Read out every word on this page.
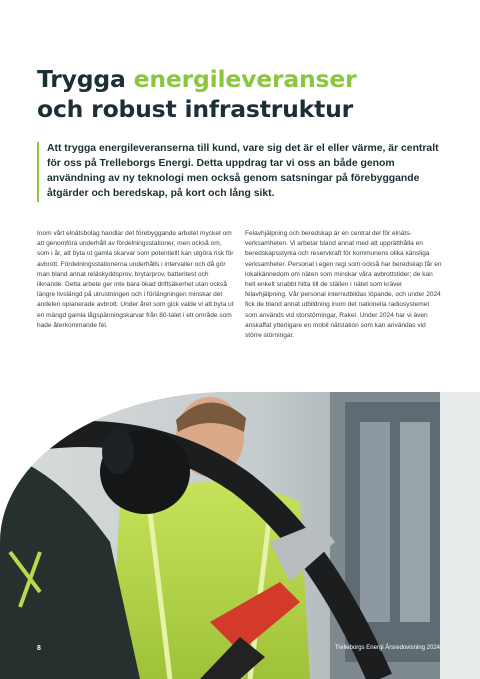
Trygga energileveranser
och robust infrastruktur

Att trygga energileveranserna till kund, vare sig det är el eller värme, är centralt för oss på Trelleborgs Energi. Detta uppdrag tar vi oss an både genom användning av ny teknologi men också genom satsningar på förebyggande åtgärder och beredskap, på kort och lång sikt.

Inom vårt elnätsbolag handlar det förebyggande arbetet mycket om att genomföra underhåll av fördelningsstationer, men också om, som i år, att byta ut gamla skarvar som potentiellt kan utgöra risk för avbrott. Fördelningsstationerna underhålls i intervaller och då gör man bland annat reläskyddsprov, brytarprov, batteritest och liknande. Detta arbete ger inte bara ökad driftsäkerhet utan också längre livslängd på utrustningen och i förlängningen minskar det andelen oplanerade avbrott. Under året som gick valde vi att byta ut en mängd gamla lågspänningskarvar från 80-talet i ett område som hade återkommande fel.

Felavhjälpning och beredskap är en central del för elnätsverksamheten. Vi arbetar bland annat med att upprätthålla en beredskapsstyrka och reservkraft för kommunens olika känsliga verksamheter. Personal i egen regi som också har beredskap får en lokalkännedom om näten som minskar våra avbrottstider; de kan helt enkelt snabbt hitta till de ställen i nätet som kräver felavhjälpning. Vår personal internutbildas löpande, och under 2024 fick de bland annat utbildning inom det nationella radiosystemet som används vid storstörningar, Rakel. Under 2024 har vi även anskaffat ytterligare en mobil nätstation som kan användas vid större störningar.

8	Trelleborgs Energi Årsredovisning 2024
